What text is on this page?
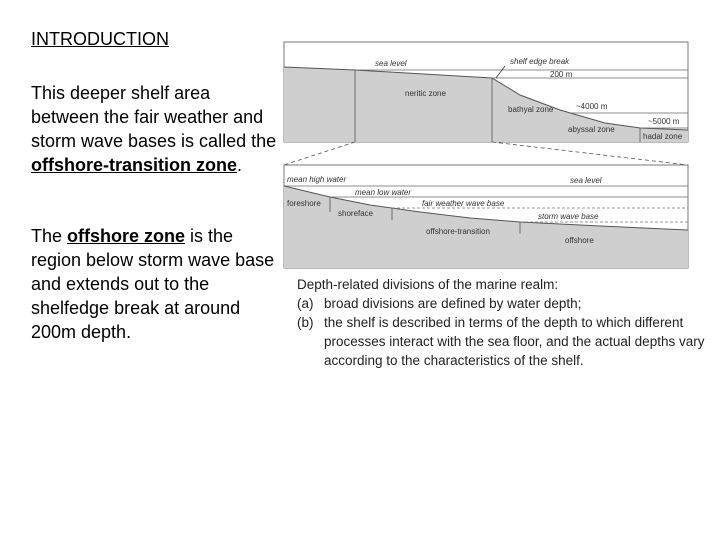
INTRODUCTION

This deeper shelf area between the fair weather and storm wave bases is called the offshore-transition zone.

The offshore zone is the region below storm wave base and extends out to the shelfedge break at around 200m depth.

sea level	shelf edge break
200 m
neritic zone
bathyal zone	~4000 m
abyssal zone
~5000 m
hadal zone
mean high water
mean low water
sea level
foreshore
shoreface
fair weather wave base
storm wave base
offshore-transition
offshore
Depth-related divisions of the marine realm:
(a) broad divisions are defined by water depth;
(b) the shelf is described in terms of the depth to which different processes interact with the sea floor, and the actual depths vary according to the characteristics of the shelf.
